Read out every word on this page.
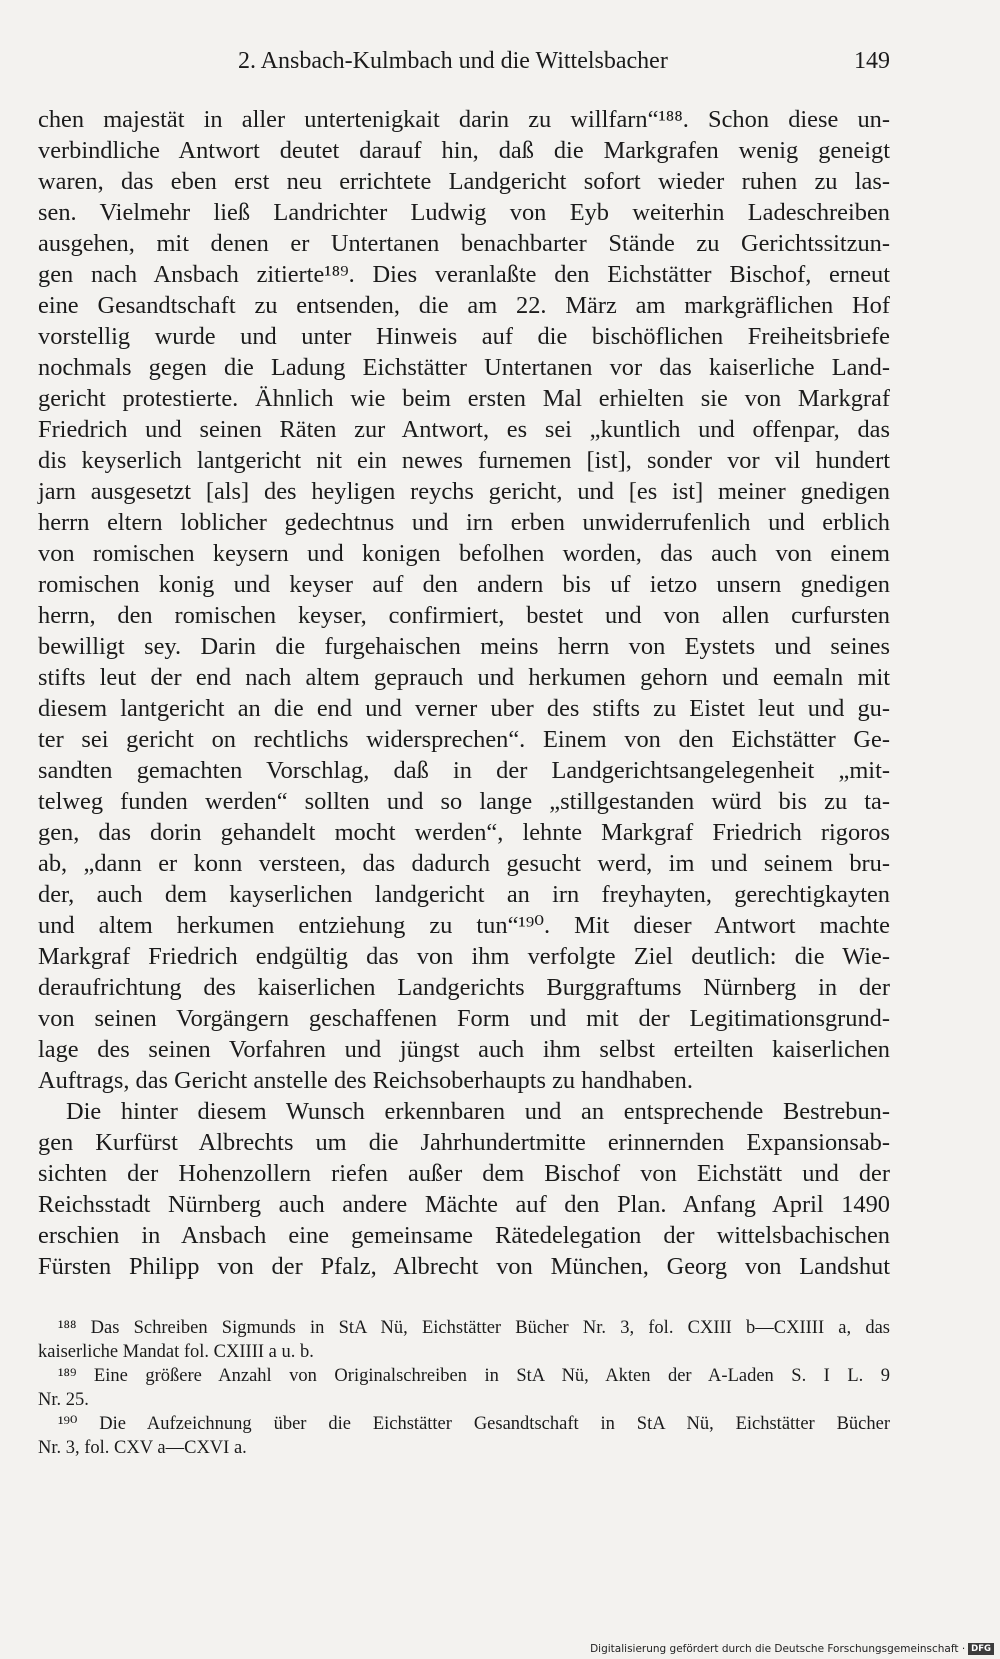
2. Ansbach-Kulmbach und die Wittelsbacher	149
chen majestät in aller untertenigkait darin zu willfarn“¹⁸⁸. Schon diese un-
verbindliche Antwort deutet darauf hin, daß die Markgrafen wenig geneigt
waren, das eben erst neu errichtete Landgericht sofort wieder ruhen zu las-
sen. Vielmehr ließ Landrichter Ludwig von Eyb weiterhin Ladeschreiben
ausgehen, mit denen er Untertanen benachbarter Stände zu Gerichtssitzun-
gen nach Ansbach zitierte¹⁸⁹. Dies veranlaßte den Eichstätter Bischof, erneut
eine Gesandtschaft zu entsenden, die am 22. März am markgräflichen Hof
vorstellig wurde und unter Hinweis auf die bischöflichen Freiheitsbriefe
nochmals gegen die Ladung Eichstätter Untertanen vor das kaiserliche Land-
gericht protestierte. Ähnlich wie beim ersten Mal erhielten sie von Markgraf
Friedrich und seinen Räten zur Antwort, es sei „kuntlich und offenpar, das
dis keyserlich lantgericht nit ein newes furnemen [ist], sonder vor vil hundert
jarn ausgesetzt [als] des heyligen reychs gericht, und [es ist] meiner gnedigen
herrn eltern loblicher gedechtnus und irn erben unwiderrufenlich und erblich
von romischen keysern und konigen befolhen worden, das auch von einem
romischen konig und keyser auf den andern bis uf ietzo unsern gnedigen
herrn, den romischen keyser, confirmiert, bestet und von allen curfursten
bewilligt sey. Darin die furgehaischen meins herrn von Eystets und seines
stifts leut der end nach altem geprauch und herkumen gehorn und eemaln mit
diesem lantgericht an die end und verner uber des stifts zu Eistet leut und gu-
ter sei gericht on rechtlichs widersprechen“. Einem von den Eichstätter Ge-
sandten gemachten Vorschlag, daß in der Landgerichtsangelegenheit „mit-
telweg funden werden“ sollten und so lange „stillgestanden würd bis zu ta-
gen, das dorin gehandelt mocht werden“, lehnte Markgraf Friedrich rigoros
ab, „dann er konn versteen, das dadurch gesucht werd, im und seinem bru-
der, auch dem kayserlichen landgericht an irn freyhayten, gerechtigkayten
und altem herkumen entziehung zu tun“¹⁹⁰. Mit dieser Antwort machte
Markgraf Friedrich endgültig das von ihm verfolgte Ziel deutlich: die Wie-
deraufrichtung des kaiserlichen Landgerichts Burggraftums Nürnberg in der
von seinen Vorgängern geschaffenen Form und mit der Legitimationsgrund-
lage des seinen Vorfahren und jüngst auch ihm selbst erteilten kaiserlichen
Auftrags, das Gericht anstelle des Reichsoberhaupts zu handhaben.
Die hinter diesem Wunsch erkennbaren und an entsprechende Bestrebun-
gen Kurfürst Albrechts um die Jahrhundertmitte erinnernden Expansionsab-
sichten der Hohenzollern riefen außer dem Bischof von Eichstätt und der
Reichsstadt Nürnberg auch andere Mächte auf den Plan. Anfang April 1490
erschien in Ansbach eine gemeinsame Rätedelegation der wittelsbachischen
Fürsten Philipp von der Pfalz, Albrecht von München, Georg von Landshut
¹⁸⁸ Das Schreiben Sigmunds in StA Nü, Eichstätter Bücher Nr. 3, fol. CXIII b—CXIIII a, das
kaiserliche Mandat fol. CXIIII a u. b.
¹⁸⁹ Eine größere Anzahl von Originalschreiben in StA Nü, Akten der A-Laden S. I L. 9
Nr. 25.
¹⁹⁰ Die Aufzeichnung über die Eichstätter Gesandtschaft in StA Nü, Eichstätter Bücher
Nr. 3, fol. CXV a—CXVI a.
Digitalisierung gefördert durch die Deutsche Forschungsgemeinschaft · DFG
